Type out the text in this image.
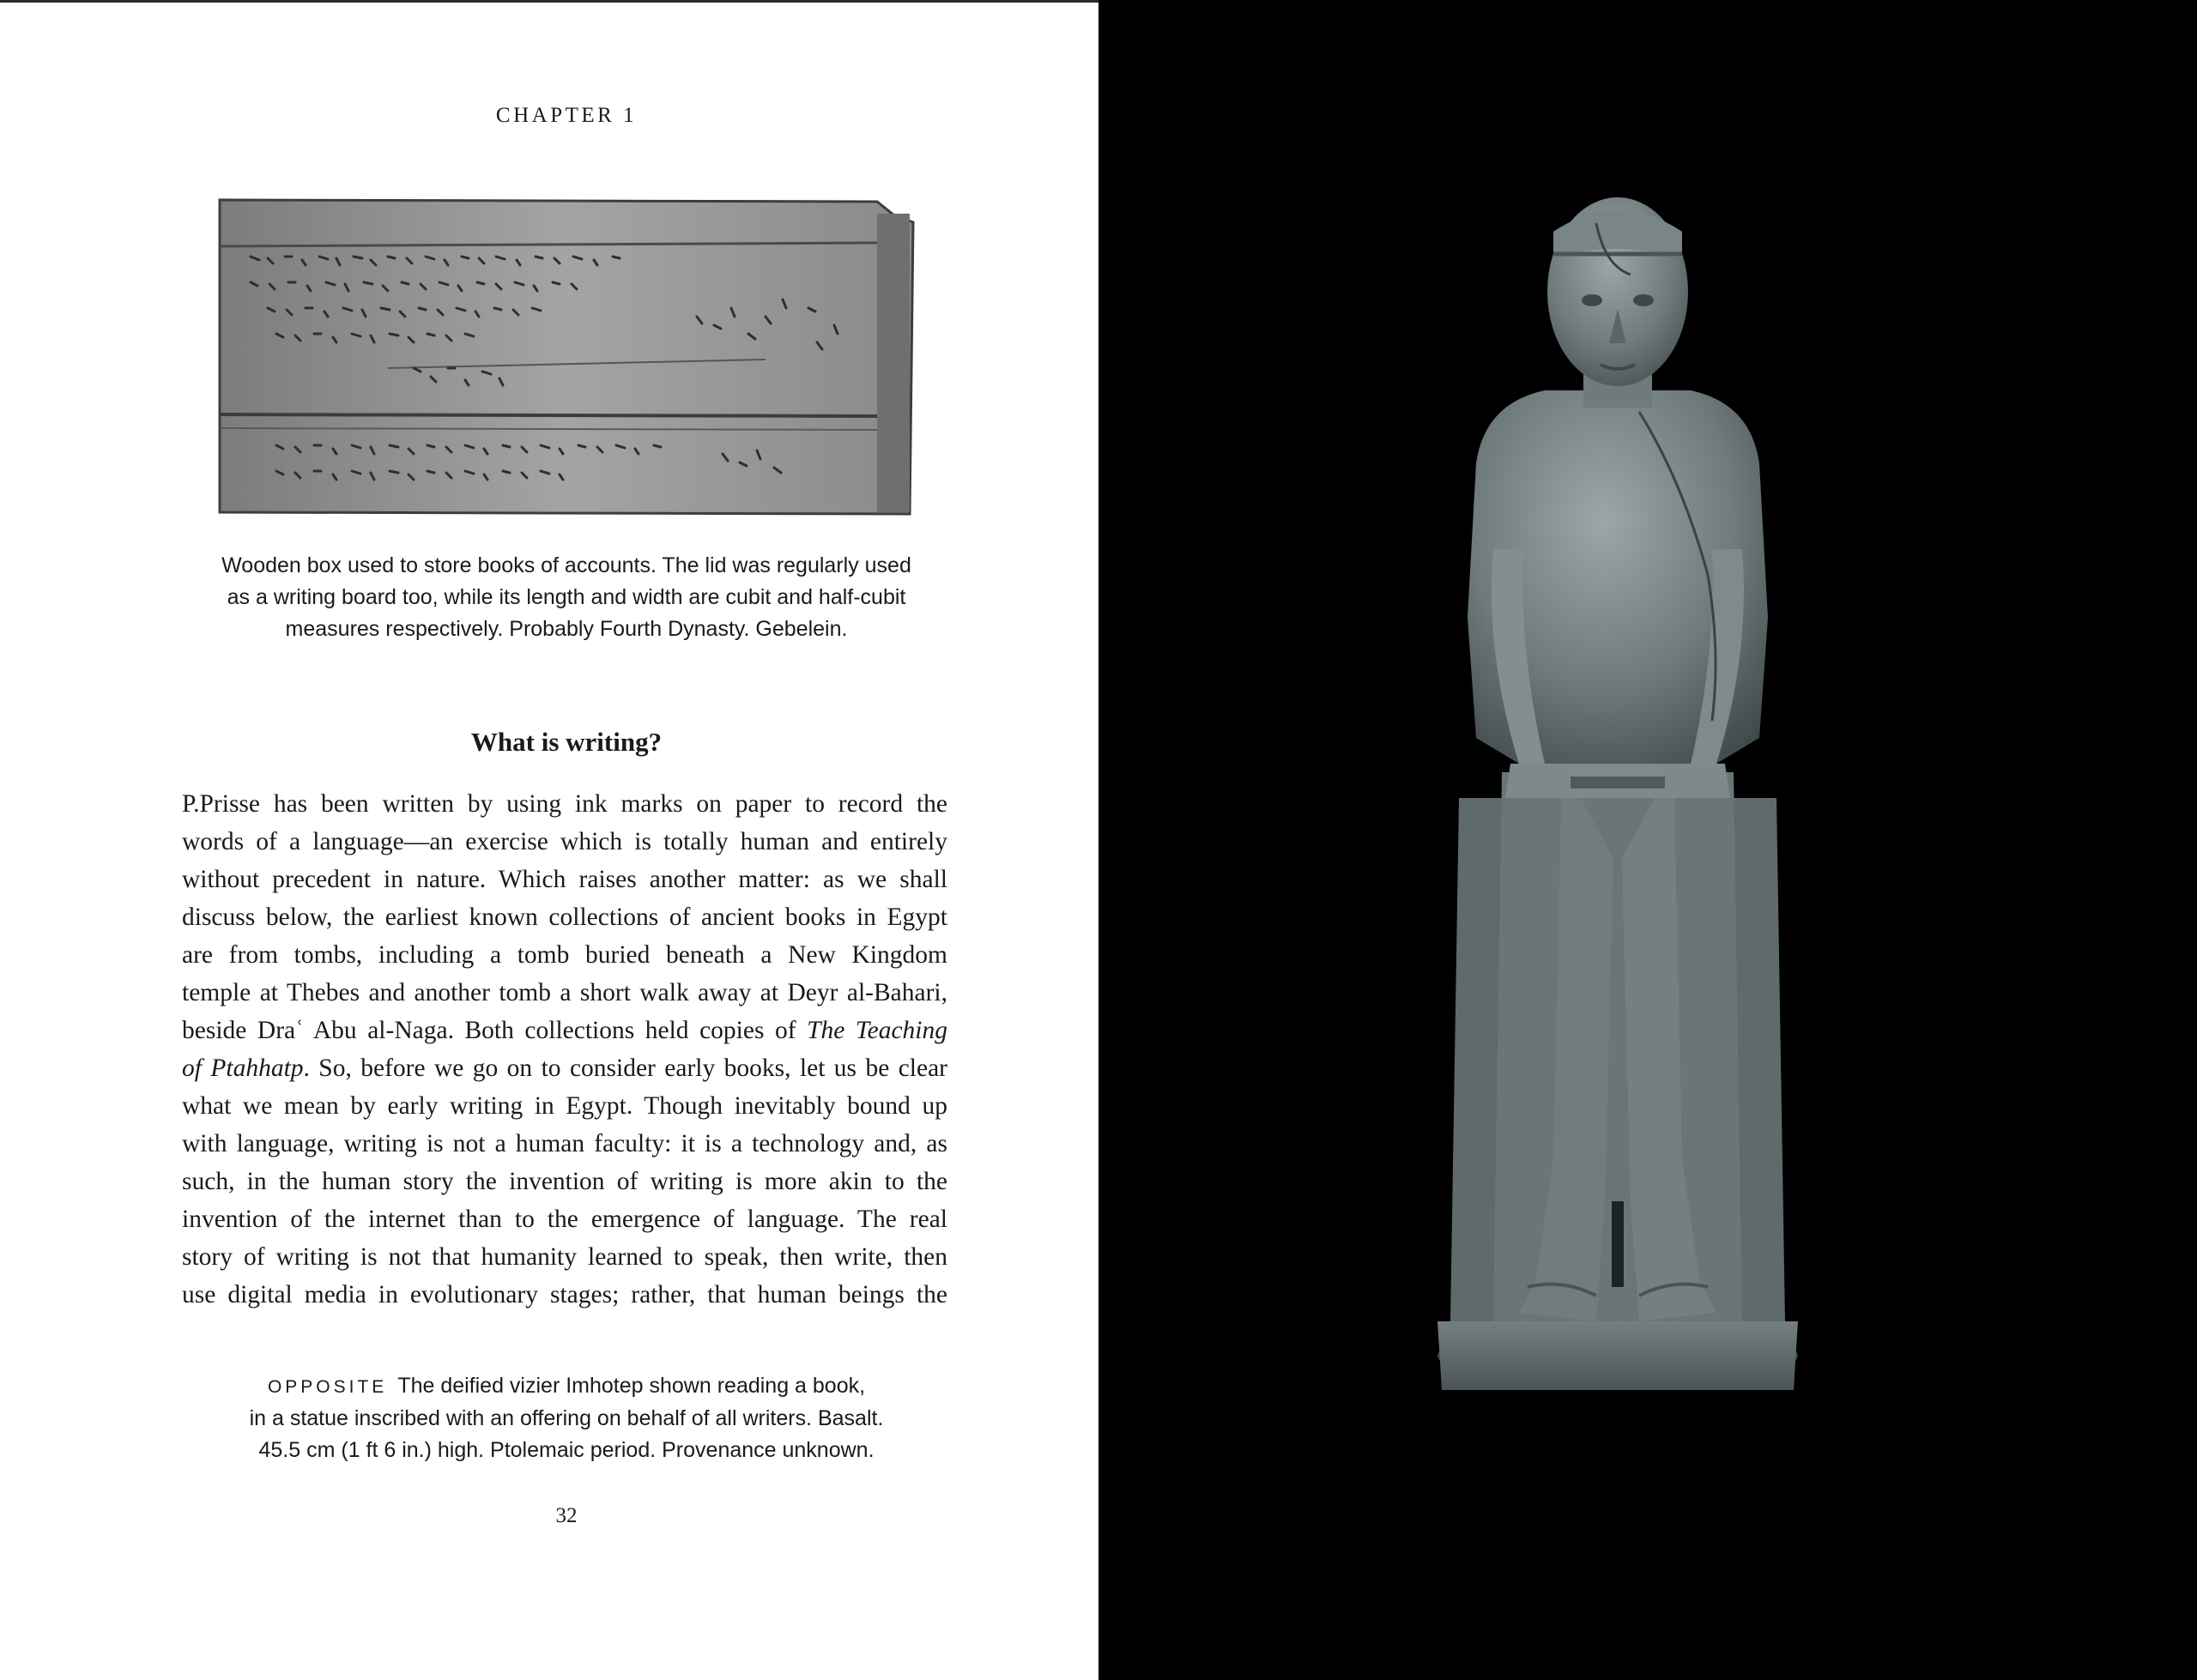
CHAPTER 1
Wooden box used to store books of accounts. The lid was regularly used
as a writing board too, while its length and width are cubit and half-cubit
measures respectively. Probably Fourth Dynasty. Gebelein.
What is writing?
P.Prisse has been written by using ink marks on paper to record the
words of a language—an exercise which is totally human and entirely
without precedent in nature. Which raises another matter: as we shall
discuss below, the earliest known collections of ancient books in Egypt
are from tombs, including a tomb buried beneath a New Kingdom
temple at Thebes and another tomb a short walk away at Deyr al-Bahari,
beside Draʿ Abu al-Naga. Both collections held copies of The Teaching
of Ptahhatp. So, before we go on to consider early books, let us be clear
what we mean by early writing in Egypt. Though inevitably bound up
with language, writing is not a human faculty: it is a technology and, as
such, in the human story the invention of writing is more akin to the
invention of the internet than to the emergence of language. The real
story of writing is not that humanity learned to speak, then write, then
use digital media in evolutionary stages; rather, that human beings the
OPPOSITE The deified vizier Imhotep shown reading a book,
in a statue inscribed with an offering on behalf of all writers. Basalt.
45.5 cm (1 ft 6 in.) high. Ptolemaic period. Provenance unknown.
32
